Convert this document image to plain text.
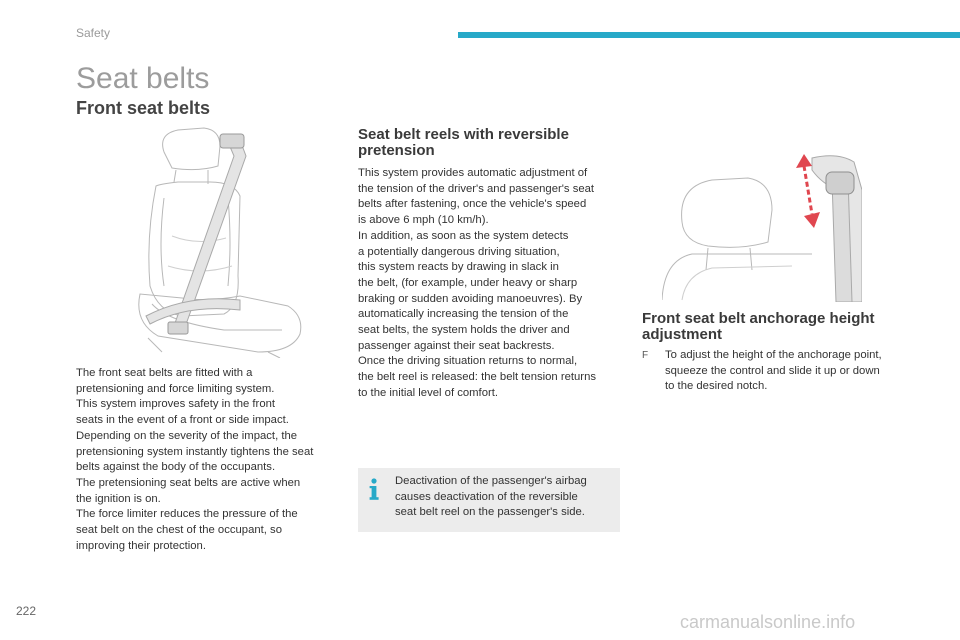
Safety
Seat belts
Front seat belts

The front seat belts are fitted with a
pretensioning and force limiting system.
This system improves safety in the front
seats in the event of a front or side impact.
Depending on the severity of the impact, the
pretensioning system instantly tightens the seat
belts against the body of the occupants.
The pretensioning seat belts are active when
the ignition is on.
The force limiter reduces the pressure of the
seat belt on the chest of the occupant, so
improving their protection.

Seat belt reels with reversible
pretension

This system provides automatic adjustment of
the tension of the driver's and passenger's seat
belts after fastening, once the vehicle's speed
is above 6 mph (10 km/h).
In addition, as soon as the system detects
a potentially dangerous driving situation,
this system reacts by drawing in slack in
the belt, (for example, under heavy or sharp
braking or sudden avoiding manoeuvres). By
automatically increasing the tension of the
seat belts, the system holds the driver and
passenger against their seat backrests.
Once the driving situation returns to normal,
the belt reel is released: the belt tension returns
to the initial level of comfort.

Deactivation of the passenger's airbag
causes deactivation of the reversible
seat belt reel on the passenger's side.

Front seat belt anchorage height
adjustment
F	To adjust the height of the anchorage point,
squeeze the control and slide it up or down
to the desired notch.

222
carmanualsonline.info
